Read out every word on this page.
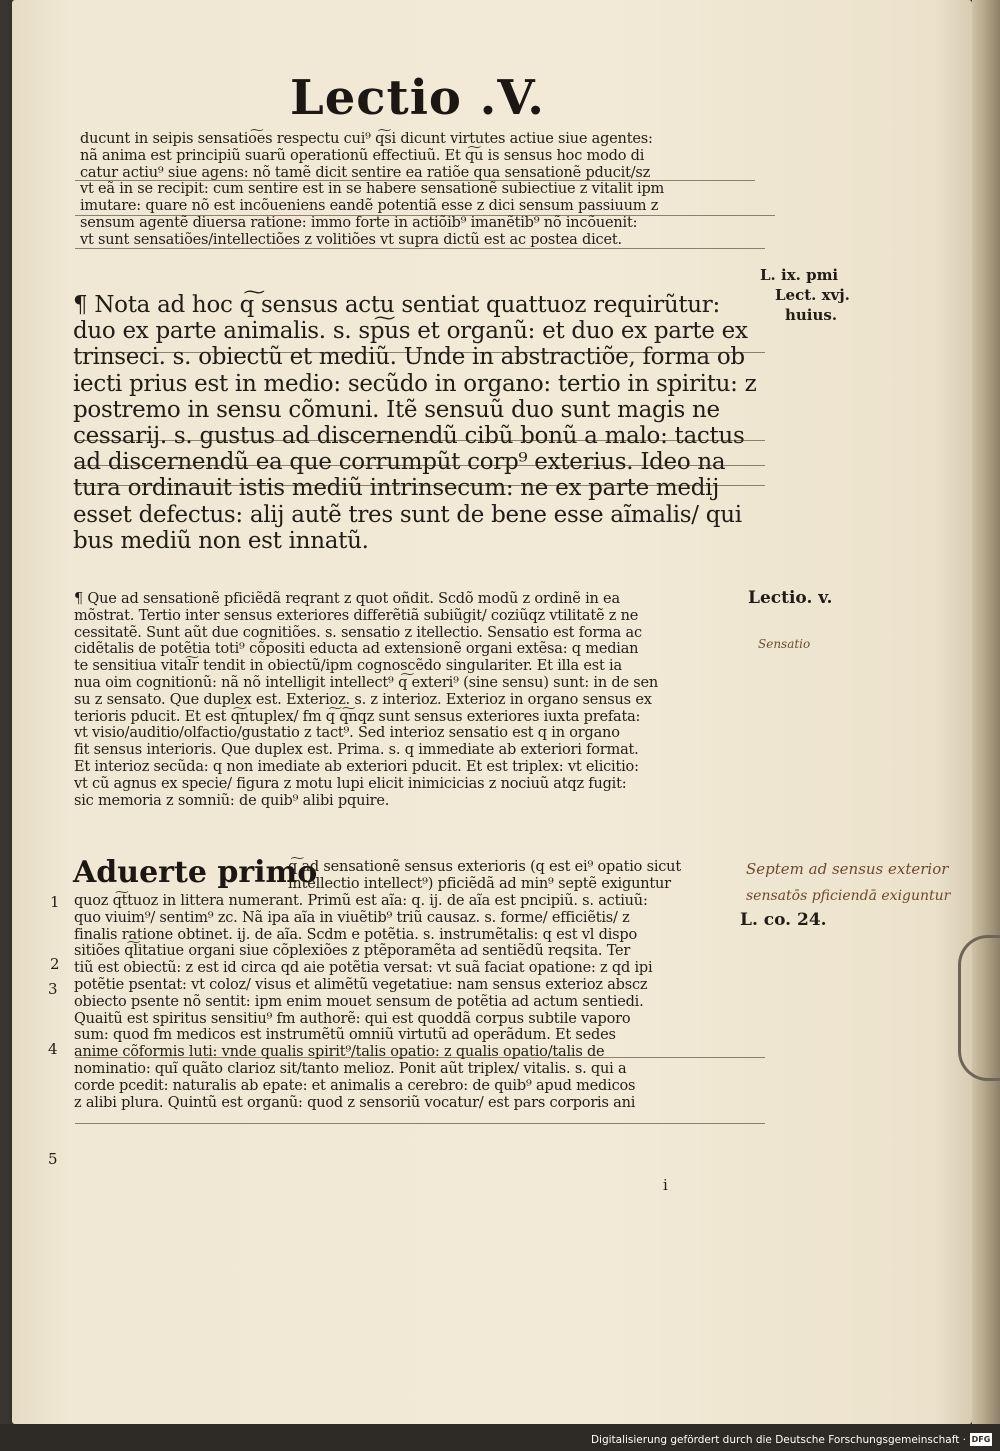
Lectio .V.
ducunt in seipis sensatio͠es respectu cui⁹ q͠si dicunt virtutes actiue siue agentes:
nã anima est principiũ suarũ operationũ effectiuũ. Et q͠u is sensus hoc modo di
catur actiu⁹ siue agens: nõ tamẽ dicit sentire ea ratiõe qua sensationẽ pducit/sz
vt eã in se recipit: cum sentire est in se habere sensationẽ subiectiue z vitalit ipm
imutare: quare nõ est incõueniens eandẽ potentiã esse z dici sensum passiuum z
sensum agentẽ diuersa ratione: immo forte in actiõib⁹ imanẽtib⁹ nõ incõuenit:
vt sunt sensatiões/intellectiões z volitiões vt supra dictũ est ac postea dicet.
¶ Nota ad hoc q͠ sensus actu sentiat quattuoz requirũtur:
duo ex parte animalis. s. sp͠us et organũ: et duo ex parte ex
trinseci. s. obiectũ et mediũ. Unde in abstractiõe, forma ob
iecti prius est in medio: secũdo in organo: tertio in spiritu: z
postremo in sensu cõmuni. Itẽ sensuũ duo sunt magis ne
cessarij. s. gustus ad discernendũ cibũ bonũ a malo: tactus
ad discernendũ ea que corrumpũt corp⁹ exterius. Ideo na
tura ordinauit istis mediũ intrinsecum: ne ex parte medij
esset defectus: alij autẽ tres sunt de bene esse aĩmalis/ qui
bus mediũ non est innatũ.
¶ Que ad sensationẽ pficiẽdã reqrant z quot oñdit. Scdõ modũ z ordinẽ in ea
mõstrat. Tertio inter sensus exteriores differẽtiã subiũgit/ coziũqz vtilitatẽ z ne
cessitatẽ. Sunt aũt due cognitiões. s. sensatio z itellectio. Sensatio est forma ac
cidẽtalis de potẽtia toti⁹ cõpositi educta ad extensionẽ organi extẽsa: q median
te sensitiua vital͠r tendit in obiectũ/ipm cognoscẽdo singulariter. Et illa est ia
nua oim cognitionũ: nã nõ intelligit intellect⁹ q͠ exteri⁹ (sine sensu) sunt: in de sen
su z sensato. Que duplex est. Exterioz. s. z interioz. Exterioz in organo sensus ex
terioris pducit. Et est q͠ntuplex/ fm q͠ q͠nqz sunt sensus exteriores iuxta prefata:
vt visio/auditio/olfactio/gustatio z tact⁹. Sed interioz sensatio est q in organo
fit sensus interioris. Que duplex est. Prima. s. q immediate ab exteriori format.
Et interioz secũda: q non imediate ab exteriori pducit. Et est triplex: vt elicitio:
vt cũ agnus ex specie/ figura z motu lupi elicit inimicicias z nociuũ atqz fugit:
sic memoria z somniũ: de quib⁹ alibi pquire.
Aduerte primo
q͠ ad sensationẽ sensus exterioris (q est ei⁹ opatio sicut
intellectio intellect⁹) pficiẽdã ad min⁹ septẽ exiguntur
quoz q͠ttuoz in littera numerant. Primũ est aĩa: q. ij. de aĩa est pncipiũ. s. actiuũ:
quo viuim⁹/ sentim⁹ zc. Nã ipa aĩa in viuẽtib⁹ triũ causaz. s. forme/ efficiẽtis/ z
finalis ratione obtinet. ij. de aĩa. Scdm e potẽtia. s. instrumẽtalis: q est vl dispo
sitiões q͠litatiue organi siue cõplexiões z ptẽporamẽta ad sentiẽdũ reqsita. Ter
tiũ est obiectũ: z est id circa qd aie potẽtia versat: vt suã faciat opatione: z qd ipi
potẽtie psentat: vt coloz/ visus et alimẽtũ vegetatiue: nam sensus exterioz abscz
obiecto psente nõ sentit: ipm enim mouet sensum de potẽtia ad actum sentiedi.
Quaitũ est spiritus sensitiu⁹ fm authorẽ: qui est quoddã corpus subtile vaporo
sum: quod fm medicos est instrumẽtũ omniũ virtutũ ad operãdum. Et sedes
anime cõformis luti: vnde qualis spirit⁹/talis opatio: z qualis opatio/talis de
nominatio: quĩ quãto clarioz sit/tanto melioz. Ponit aũt triplex/ vitalis. s. qui a
corde pcedit: naturalis ab epate: et animalis a cerebro: de quib⁹ apud medicos
z alibi plura. Quintũ est organũ: quod z sensoriũ vocatur/ est pars corporis ani
i
L. ix. pmi
Lect. xvj.
huius.
Lectio. v.
Sensatio
Septem ad sensus exterior
sensatōs pficiendā exiguntur
L. co. 24.
1
2
3
4
5
Digitalisierung gefördert durch die Deutsche Forschungsgemeinschaft · DFG
